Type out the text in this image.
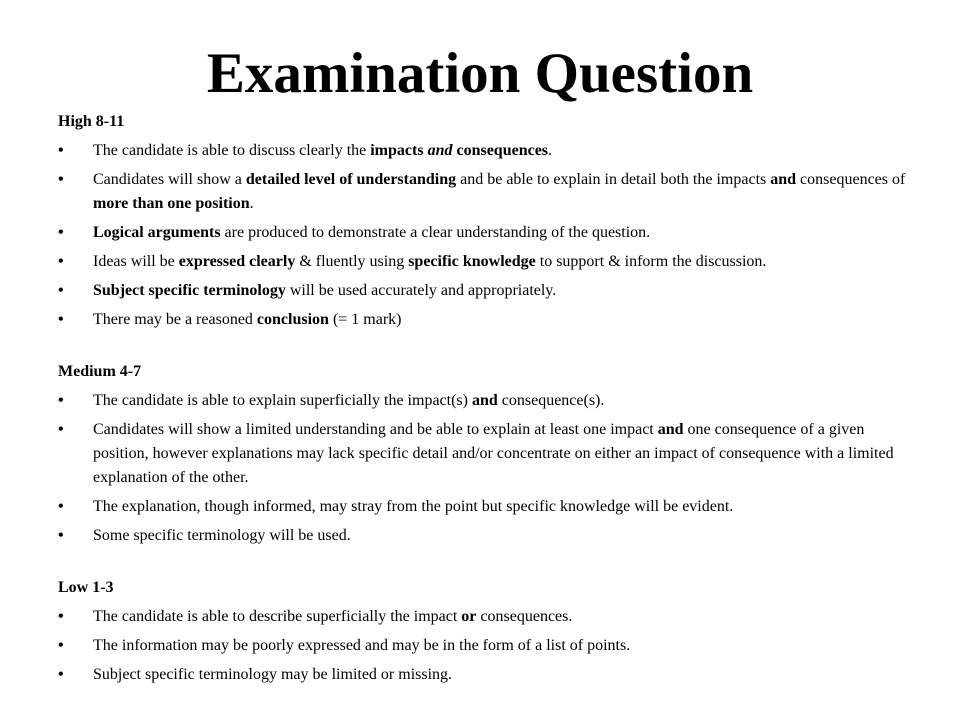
Examination Question
High 8-11
• The candidate is able to discuss clearly the impacts and consequences.
• Candidates will show a detailed level of understanding and be able to explain in detail both the impacts and consequences of more than one position.
• Logical arguments are produced to demonstrate a clear understanding of the question.
• Ideas will be expressed clearly & fluently using specific knowledge to support & inform the discussion.
• Subject specific terminology will be used accurately and appropriately.
• There may be a reasoned conclusion (= 1 mark)
Medium 4-7
• The candidate is able to explain superficially the impact(s) and consequence(s).
• Candidates will show a limited understanding and be able to explain at least one impact and one consequence of a given position, however explanations may lack specific detail and/or concentrate on either an impact of consequence with a limited explanation of the other.
• The explanation, though informed, may stray from the point but specific knowledge will be evident.
• Some specific terminology will be used.
Low 1-3
• The candidate is able to describe superficially the impact or consequences.
• The information may be poorly expressed and may be in the form of a list of points.
• Subject specific terminology may be limited or missing.
